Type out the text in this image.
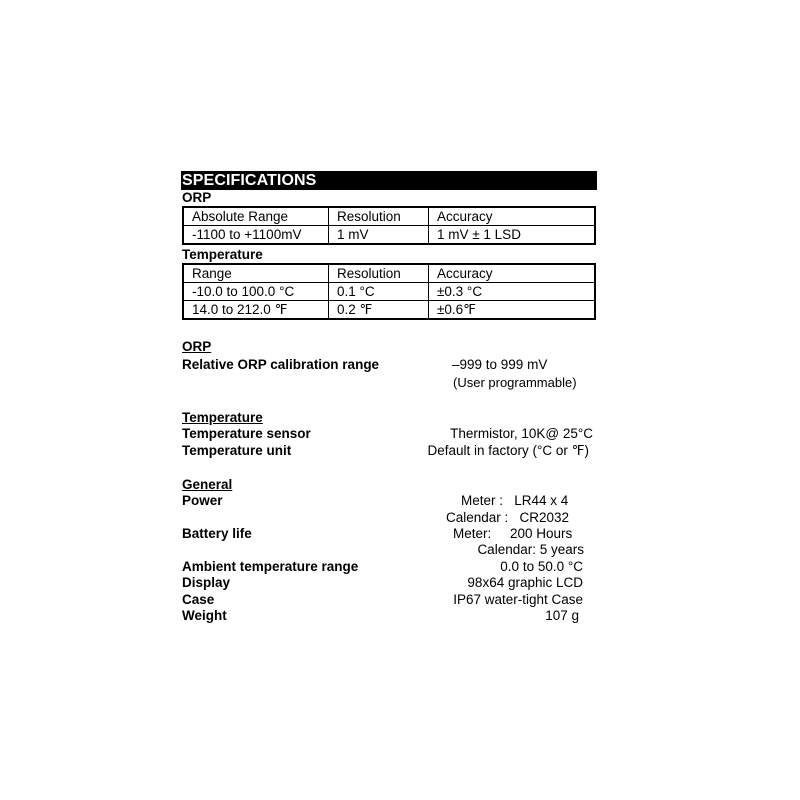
SPECIFICATIONS
ORP
Absolute Range	Resolution	Accuracy
-1100 to +1100mV	1 mV	1 mV ± 1 LSD
Temperature
Range	Resolution	Accuracy
-10.0 to 100.0 °C	0.1 °C	±0.3 °C
14.0 to 212.0 ℉	0.2 ℉	±0.6℉
ORP
Relative ORP calibration range	–999 to 999 mV
(User programmable)
Temperature
Temperature sensor	Thermistor, 10K@ 25°C
Temperature unit	Default in factory (°C or ℉)
General
Power	Meter :   LR44 x 4
Calendar :   CR2032
Battery life	Meter:     200 Hours
Calendar: 5 years
Ambient temperature range	0.0 to 50.0 °C
Display	98x64 graphic LCD
Case	IP67 water-tight Case
Weight	107 g
